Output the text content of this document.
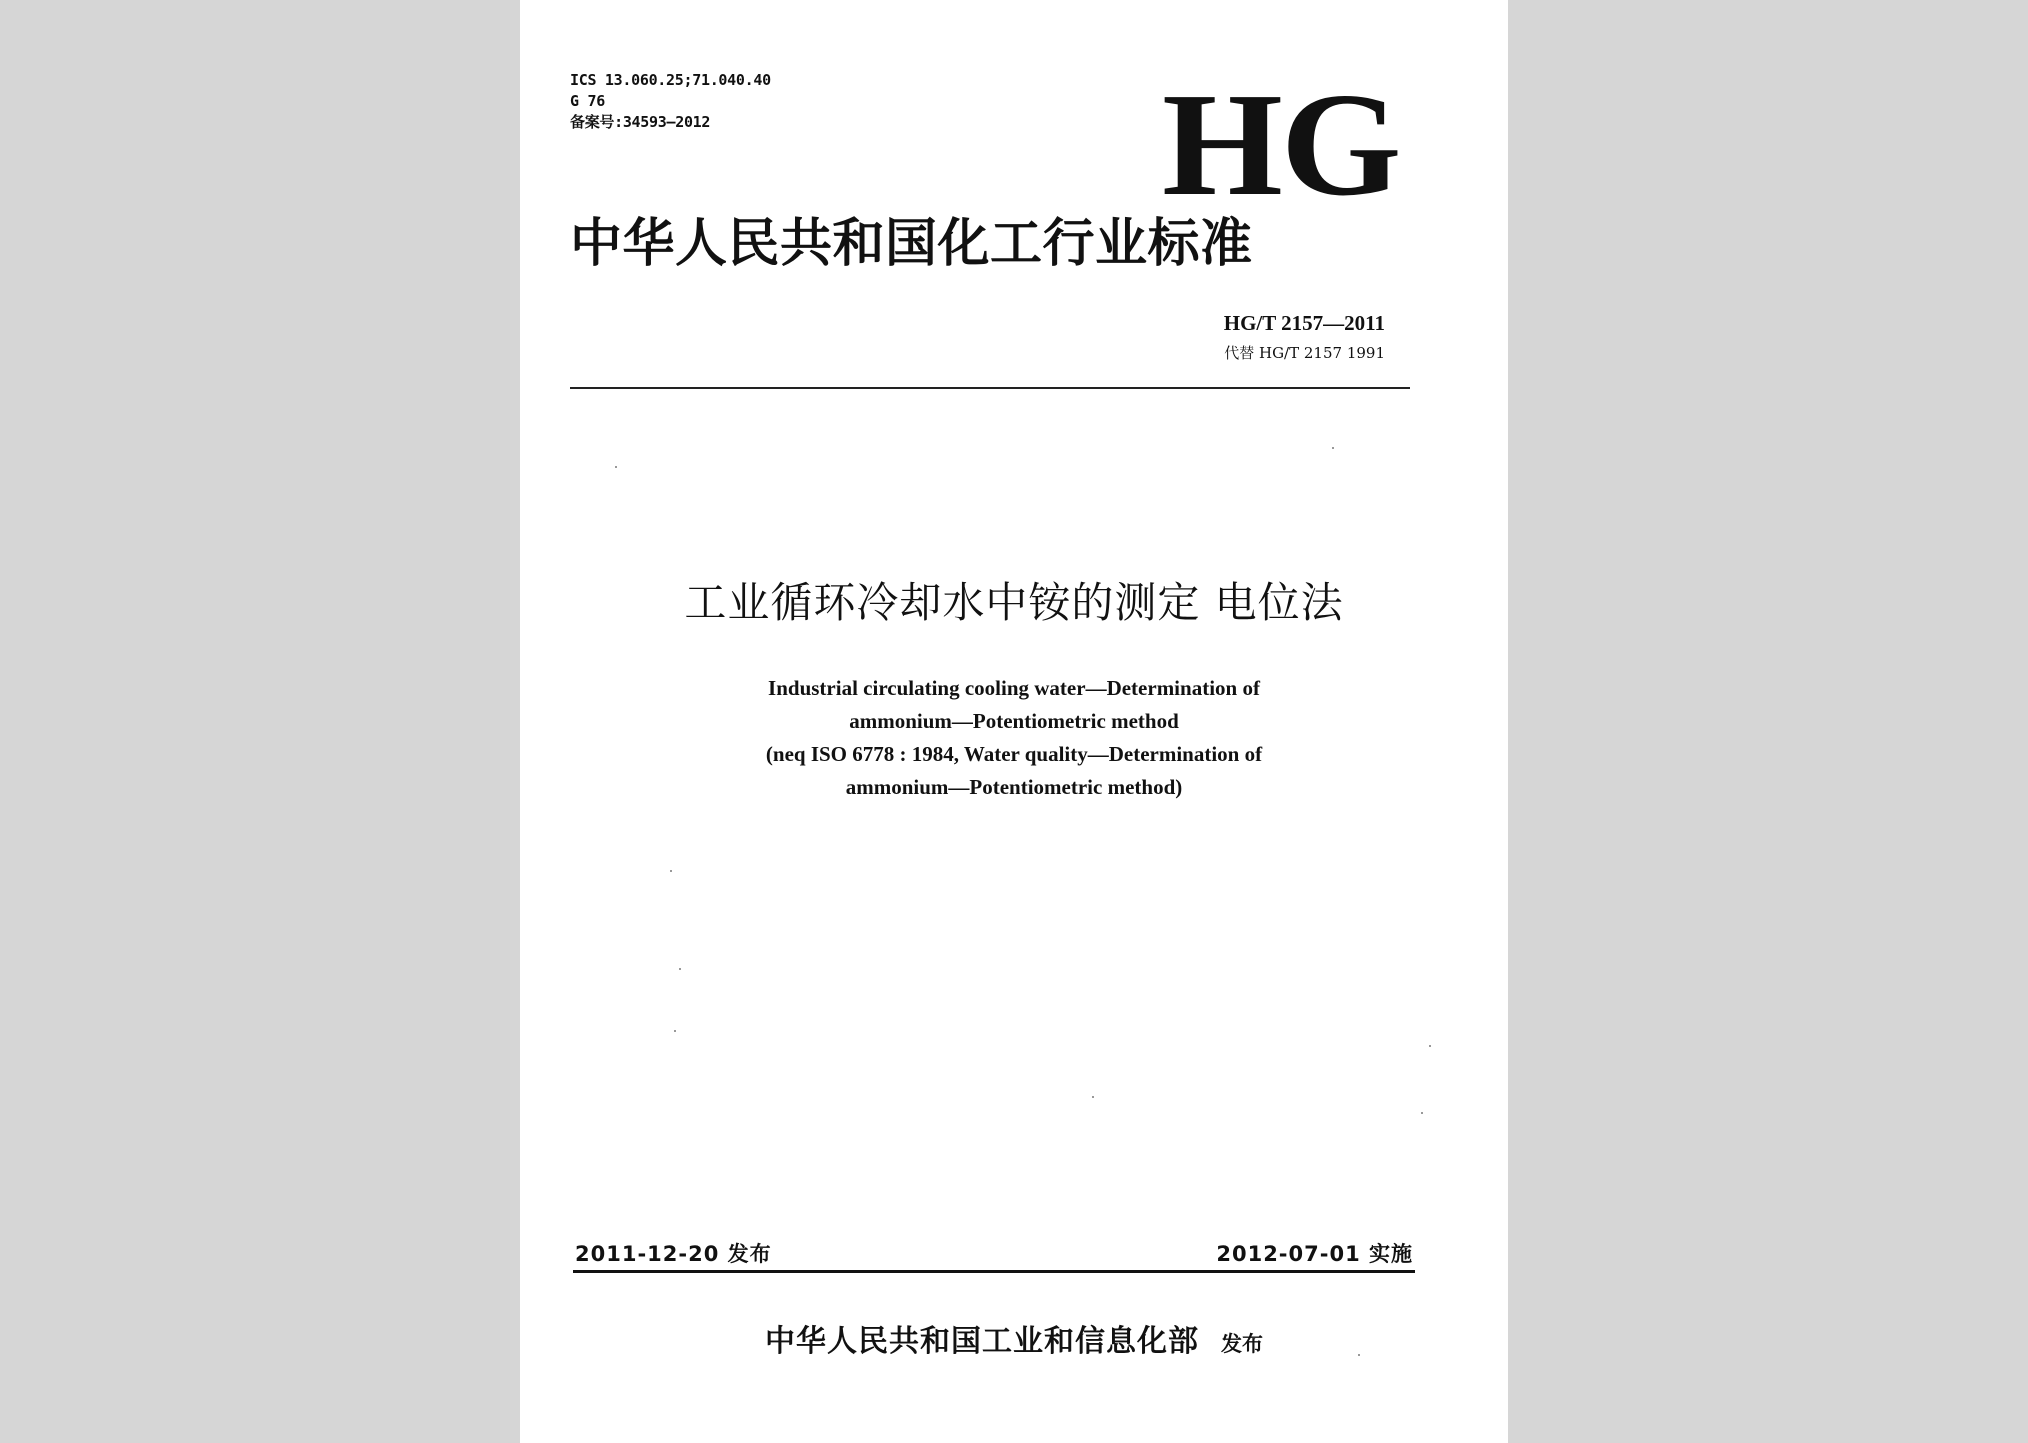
ICS 13.060.25;71.040.40
G 76
备案号:34593—2012	HG
中华人民共和国化工行业标准
HG/T 2157—2011
代替 HG/T 2157 1991
工业循环冷却水中铵的测定 电位法
Industrial circulating cooling water—Determination of
ammonium—Potentiometric method
(neq ISO 6778 : 1984, Water quality—Determination of
ammonium—Potentiometric method)
2011-12-20 发布	2012-07-01 实施
中华人民共和国工业和信息化部 发布
